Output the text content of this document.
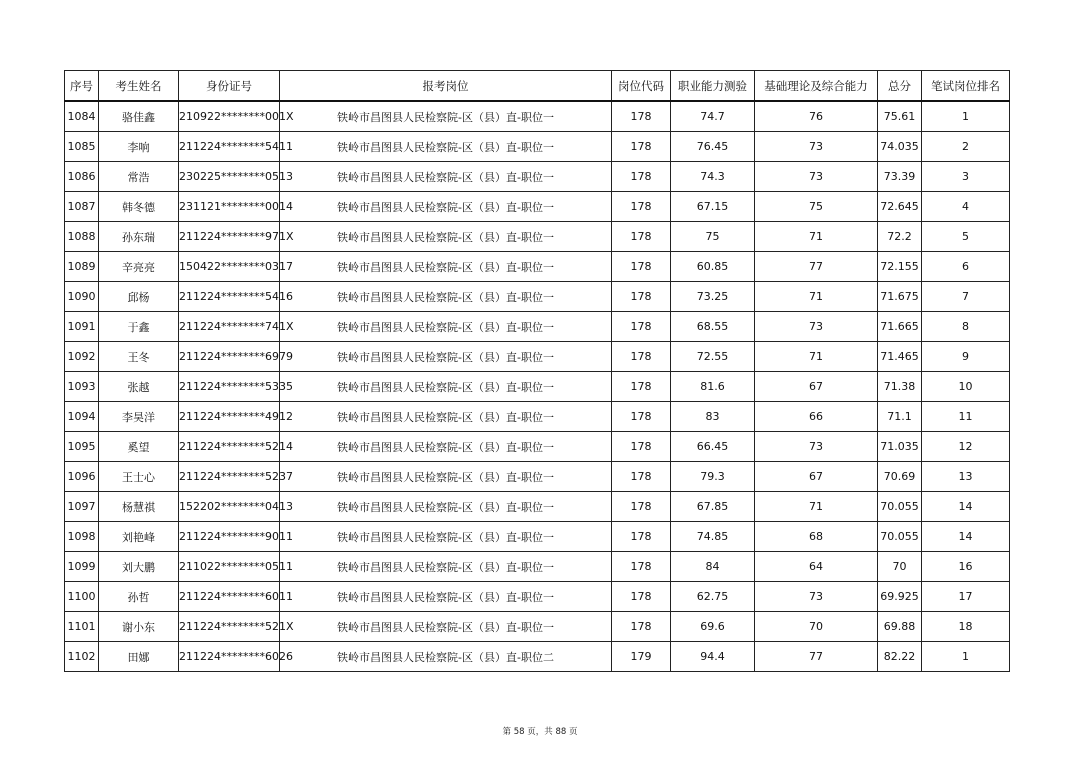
序号	考生姓名	身份证号	报考岗位	岗位代码	职业能力测验	基础理论及综合能力	总分	笔试岗位排名
1084	骆佳鑫	210922********001X	铁岭市昌图县人民检察院-区（县）直-职位一	178	74.7	76	75.61	1
1085	李响	211224********5411	铁岭市昌图县人民检察院-区（县）直-职位一	178	76.45	73	74.035	2
1086	常浩	230225********0513	铁岭市昌图县人民检察院-区（县）直-职位一	178	74.3	73	73.39	3
1087	韩冬德	231121********0014	铁岭市昌图县人民检察院-区（县）直-职位一	178	67.15	75	72.645	4
1088	孙东瑞	211224********971X	铁岭市昌图县人民检察院-区（县）直-职位一	178	75	71	72.2	5
1089	辛亮亮	150422********0317	铁岭市昌图县人民检察院-区（县）直-职位一	178	60.85	77	72.155	6
1090	邱杨	211224********5416	铁岭市昌图县人民检察院-区（县）直-职位一	178	73.25	71	71.675	7
1091	于鑫	211224********741X	铁岭市昌图县人民检察院-区（县）直-职位一	178	68.55	73	71.665	8
1092	王冬	211224********6979	铁岭市昌图县人民检察院-区（县）直-职位一	178	72.55	71	71.465	9
1093	张越	211224********5335	铁岭市昌图县人民检察院-区（县）直-职位一	178	81.6	67	71.38	10
1094	李昊洋	211224********4912	铁岭市昌图县人民检察院-区（县）直-职位一	178	83	66	71.1	11
1095	奚望	211224********5214	铁岭市昌图县人民检察院-区（县）直-职位一	178	66.45	73	71.035	12
1096	王士心	211224********5237	铁岭市昌图县人民检察院-区（县）直-职位一	178	79.3	67	70.69	13
1097	杨慧祺	152202********0413	铁岭市昌图县人民检察院-区（县）直-职位一	178	67.85	71	70.055	14
1098	刘艳峰	211224********9011	铁岭市昌图县人民检察院-区（县）直-职位一	178	74.85	68	70.055	14
1099	刘大鹏	211022********0511	铁岭市昌图县人民检察院-区（县）直-职位一	178	84	64	70	16
1100	孙哲	211224********6011	铁岭市昌图县人民检察院-区（县）直-职位一	178	62.75	73	69.925	17
1101	谢小东	211224********521X	铁岭市昌图县人民检察院-区（县）直-职位一	178	69.6	70	69.88	18
1102	田娜	211224********6026	铁岭市昌图县人民检察院-区（县）直-职位二	179	94.4	77	82.22	1
第 58 页，共 88 页
